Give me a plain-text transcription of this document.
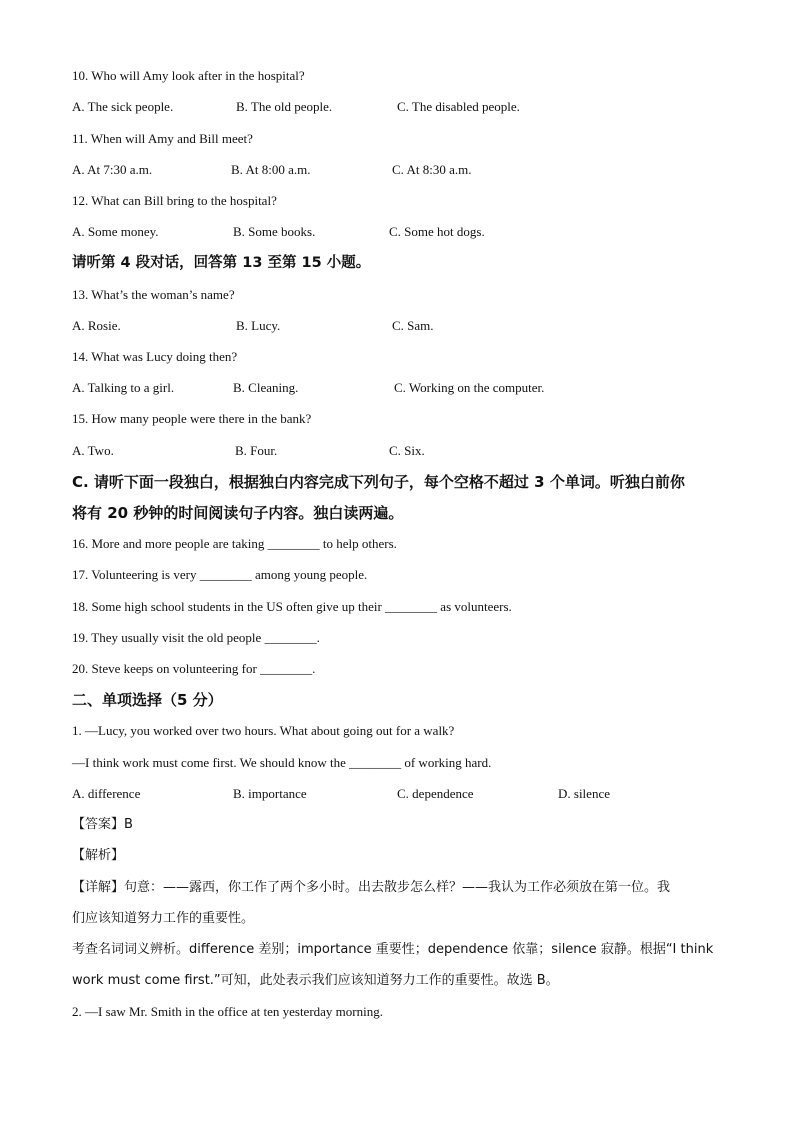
10. Who will Amy look after in the hospital?
A. The sick people.	B. The old people.	C. The disabled people.
11. When will Amy and Bill meet?
A. At 7:30 a.m.	B. At 8:00 a.m.	C. At 8:30 a.m.
12. What can Bill bring to the hospital?
A. Some money.	B. Some books.	C. Some hot dogs.
请听第 4 段对话，回答第 13 至第 15 小题。
13. What’s the woman’s name?
A. Rosie.	B. Lucy.	C. Sam.
14. What was Lucy doing then?
A. Talking to a girl.	B. Cleaning.	C. Working on the computer.
15. How many people were there in the bank?
A. Two.	B. Four.	C. Six.
C. 请听下面一段独白，根据独白内容完成下列句子，每个空格不超过 3 个单词。听独白前你
将有 20 秒钟的时间阅读句子内容。独白读两遍。
16. More and more people are taking ________ to help others.
17. Volunteering is very ________ among young people.
18. Some high school students in the US often give up their ________ as volunteers.
19. They usually visit the old people ________.
20. Steve keeps on volunteering for ________.
二、单项选择（5 分）
1. —Lucy, you worked over two hours. What about going out for a walk?
—I think work must come first. We should know the ________ of working hard.
A. difference	B. importance	C. dependence	D. silence
【答案】B
【解析】
【详解】句意：——露西，你工作了两个多小时。出去散步怎么样？——我认为工作必须放在第一位。我
们应该知道努力工作的重要性。
考查名词词义辨析。difference 差别；importance 重要性；dependence 依靠；silence 寂静。根据“I think
work must come first.”可知，此处表示我们应该知道努力工作的重要性。故选 B。
2. —I saw Mr. Smith in the office at ten yesterday morning.
